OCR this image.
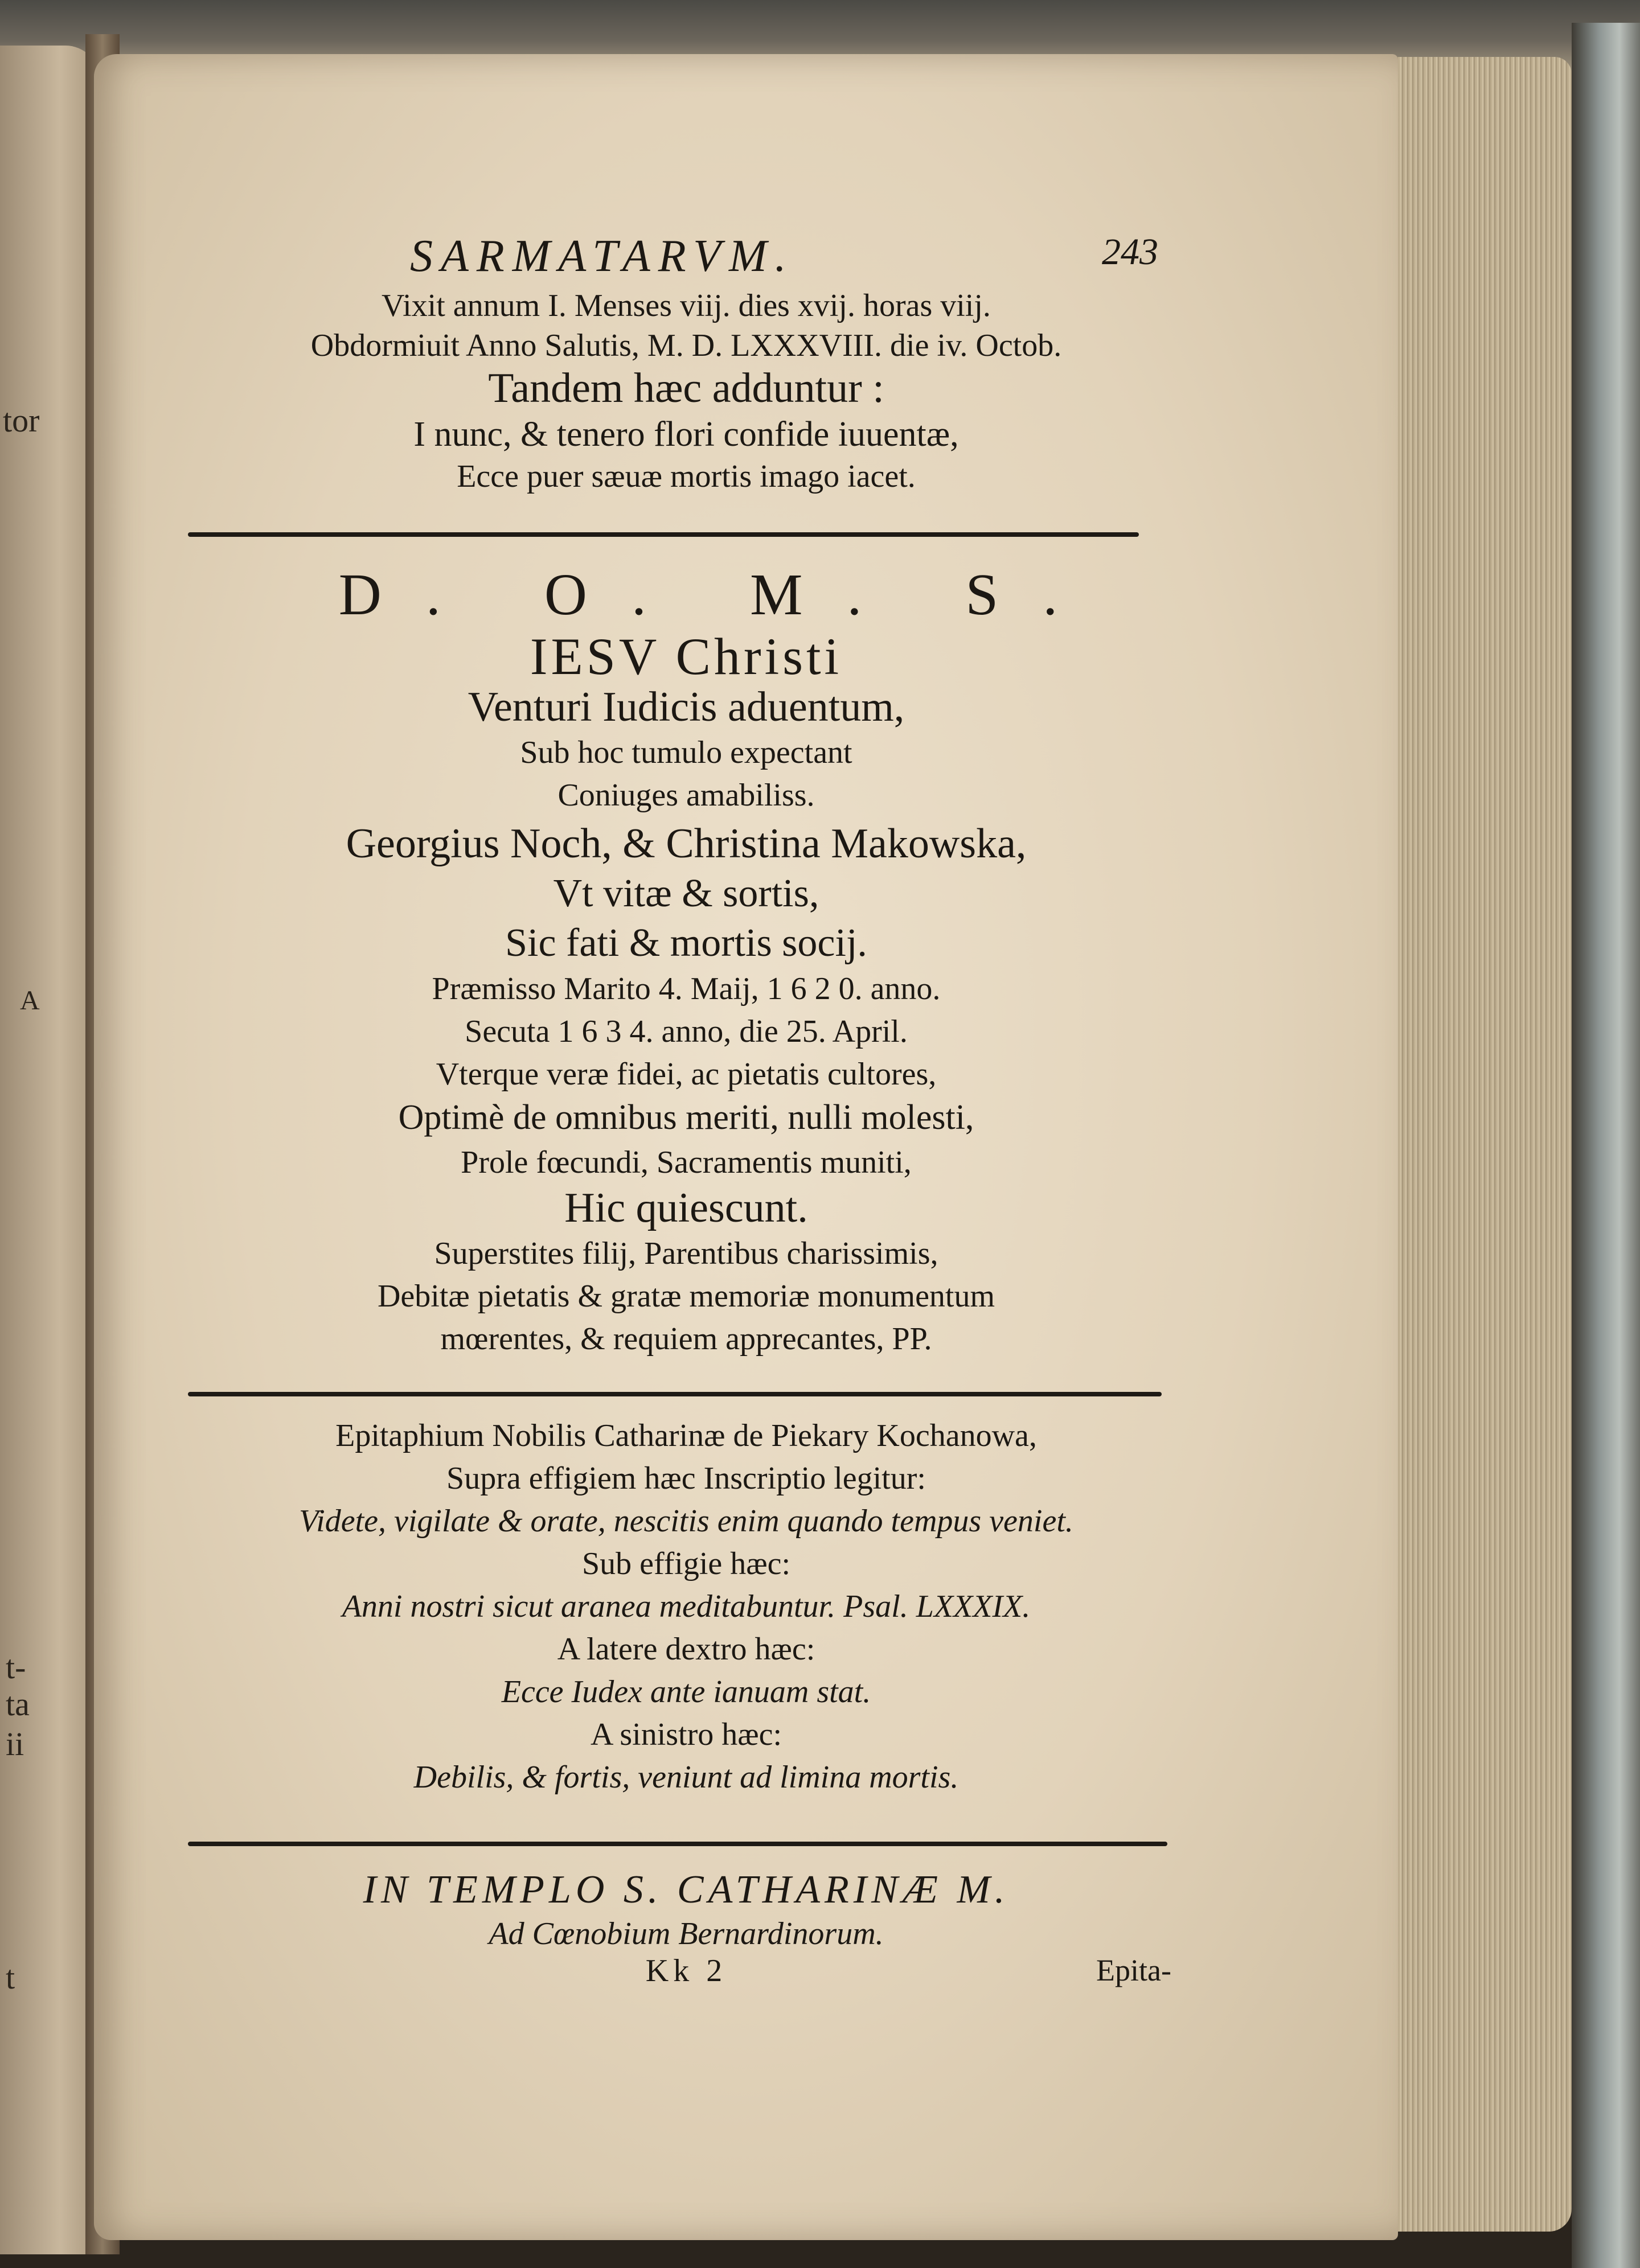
tor
A
t-
ta
ii
t
SARMATARVM.	243
Vixit annum I. Menses viij. dies xvij. horas viij.
Obdormiuit Anno Salutis, M. D. LXXXVIII. die iv. Octob.
Tandem hæc adduntur :
I nunc, & tenero flori confide iuuentæ,
Ecce puer sæuæ mortis imago iacet.
D. O. M. S.
IESV Christi
Venturi Iudicis aduentum,
Sub hoc tumulo expectant
Coniuges amabiliss.
Georgius Noch, & Christina Makowska,
Vt vitæ & sortis,
Sic fati & mortis socij.
Præmisso Marito 4. Maij, 1 6 2 0. anno.
Secuta 1 6 3 4. anno, die 25. April.
Vterque veræ fidei, ac pietatis cultores,
Optimè de omnibus meriti, nulli molesti,
Prole fœcundi, Sacramentis muniti,
Hic quiescunt.
Superstites filij, Parentibus charissimis,
Debitæ pietatis & gratæ memoriæ monumentum
mœrentes, & requiem apprecantes, PP.
Epitaphium Nobilis Catharinæ de Piekary Kochanowa,
Supra effigiem hæc Inscriptio legitur:
Videte, vigilate & orate, nescitis enim quando tempus veniet.
Sub effigie hæc:
Anni nostri sicut aranea meditabuntur. Psal. LXXXIX.
A latere dextro hæc:
Ecce Iudex ante ianuam stat.
A sinistro hæc:
Debilis, & fortis, veniunt ad limina mortis.
IN TEMPLO S. CATHARINÆ M.
Ad Cœnobium Bernardinorum.
Kk 2	Epita-
